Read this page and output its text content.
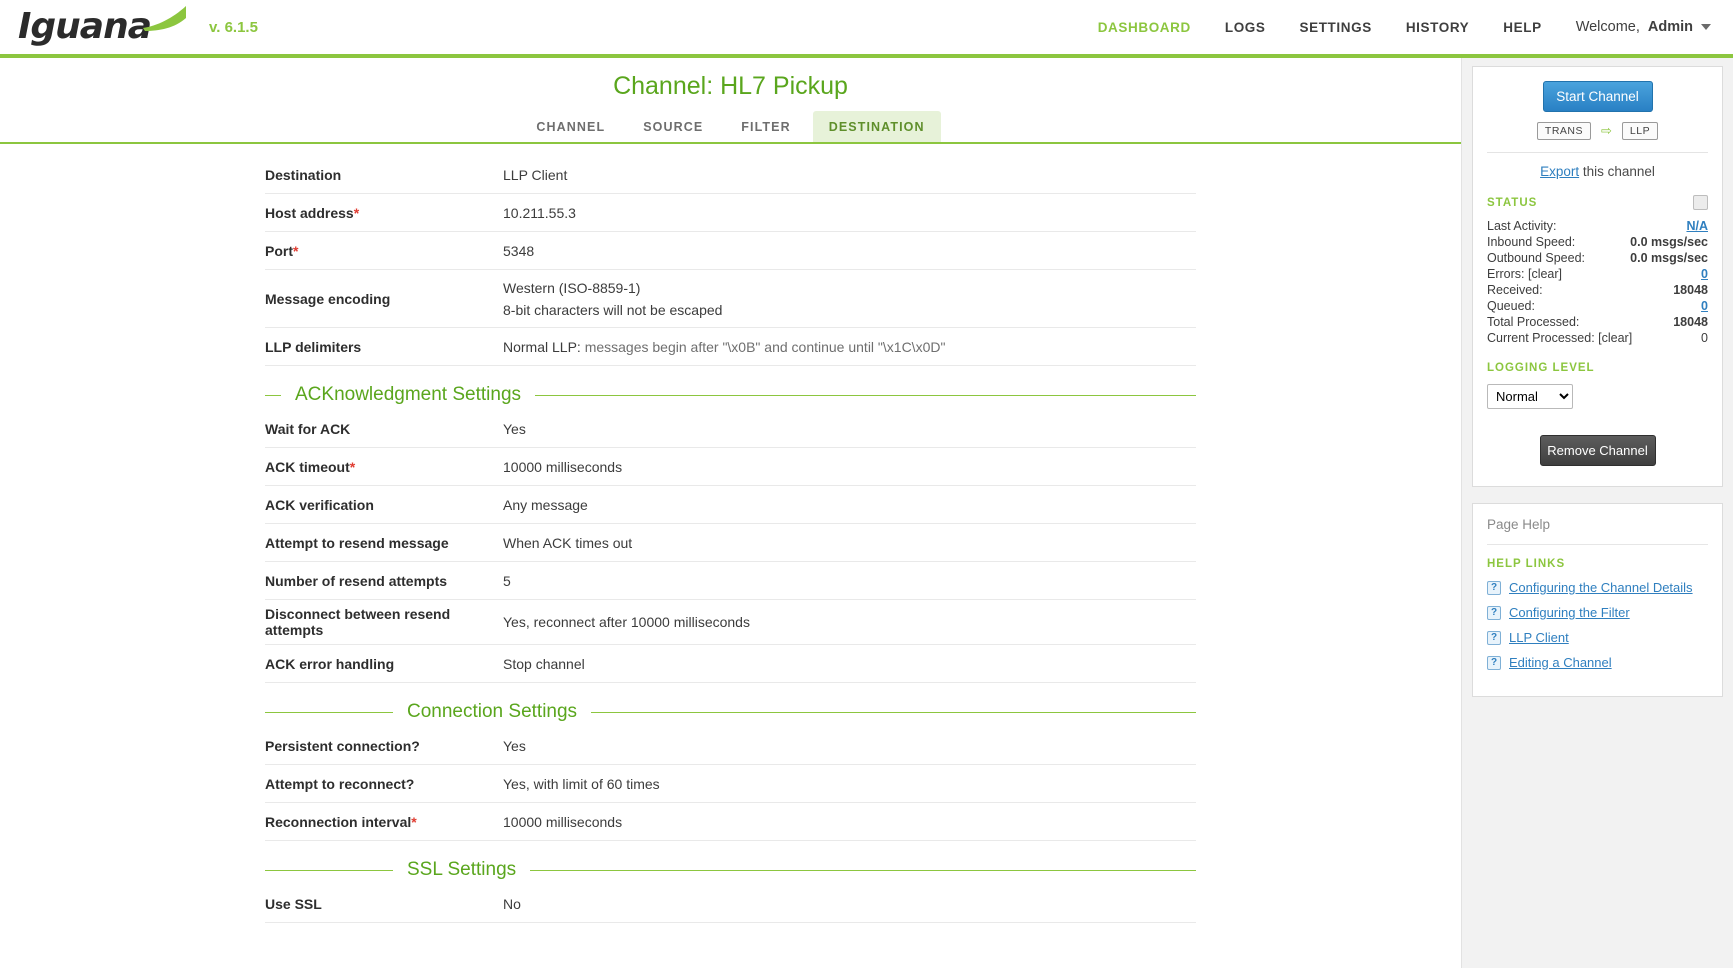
Iguana	v. 6.1.5	DASHBOARD	LOGS	SETTINGS	HISTORY	HELP Welcome, Admin
Channel: HL7 Pickup
CHANNEL	SOURCE	FILTER	DESTINATION
Destination	LLP Client
Host address*	10.211.55.3
Port*	5348
Message encoding
Western (ISO-8859-1)
8-bit characters will not be escaped
LLP delimiters	Normal LLP: messages begin after "\x0B" and continue until "\x1C\x0D"
ACKnowledgment Settings
Wait for ACK	Yes
ACK timeout*	10000 milliseconds
ACK verification	Any message
Attempt to resend message	When ACK times out
Number of resend attempts	5
Disconnect between resend attempts	Yes, reconnect after 10000 milliseconds
ACK error handling	Stop channel
Connection Settings
Persistent connection?	Yes
Attempt to reconnect?	Yes, with limit of 60 times
Reconnection interval*	10000 milliseconds
SSL Settings
Use SSL	No
Start Channel
TRANS	⇨	LLP
Export this channel
STATUS
Last Activity:	N/A
Inbound Speed:	0.0 msgs/sec
Outbound Speed:	0.0 msgs/sec
Errors: [clear]	0
Received:	18048
Queued:	0
Total Processed:	18048
Current Processed: [clear]	0
LOGGING LEVEL
Normal
Remove Channel
Page Help
HELP LINKS
? Configuring the Channel Details
? Configuring the Filter
? LLP Client
? Editing a Channel
